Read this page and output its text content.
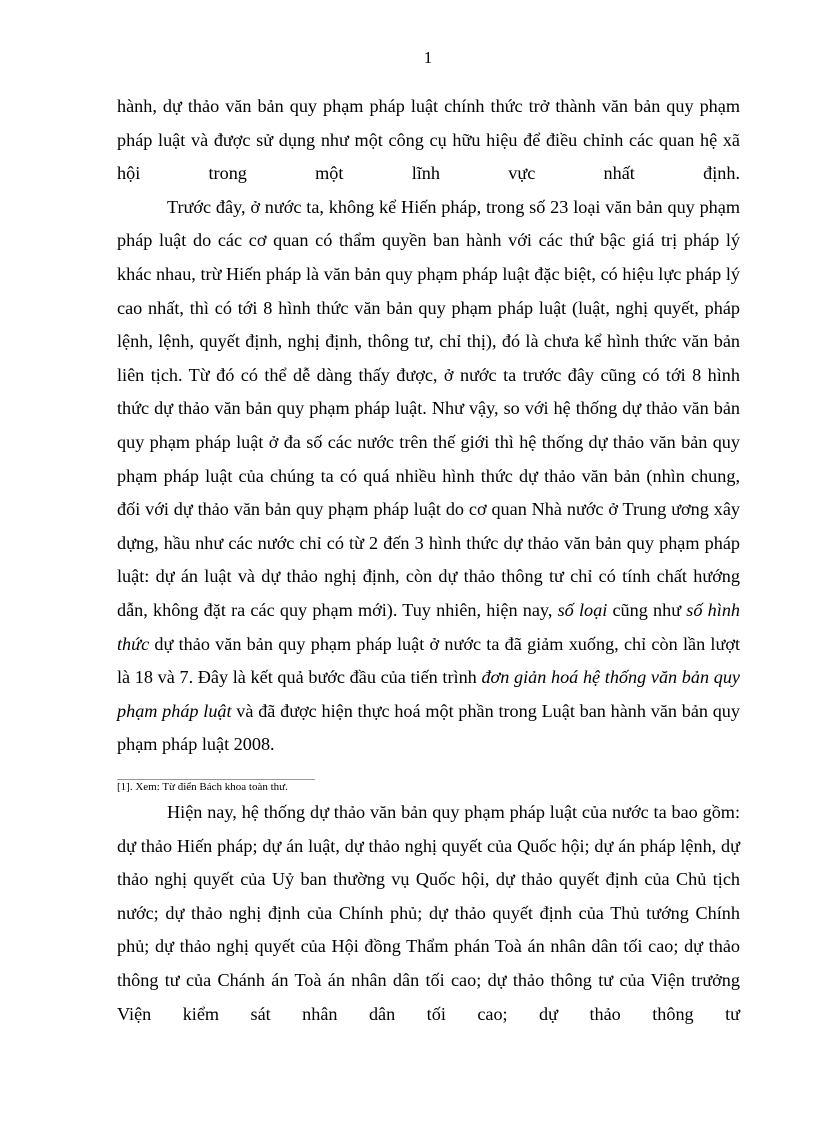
1

hành, dự thảo văn bản quy phạm pháp luật chính thức trở thành văn bản quy phạm pháp luật và được sử dụng như một công cụ hữu hiệu để điều chỉnh các quan hệ xã hội trong một lĩnh vực nhất định.

Trước đây, ở nước ta, không kể Hiến pháp, trong số 23 loại văn bản quy phạm pháp luật do các cơ quan có thẩm quyền ban hành với các thứ bậc giá trị pháp lý khác nhau, trừ Hiến pháp là văn bản quy phạm pháp luật đặc biệt, có hiệu lực pháp lý cao nhất, thì có tới 8 hình thức văn bản quy phạm pháp luật (luật, nghị quyết, pháp lệnh, lệnh, quyết định, nghị định, thông tư, chỉ thị), đó là chưa kể hình thức văn bản liên tịch. Từ đó có thể dễ dàng thấy được, ở nước ta trước đây cũng có tới 8 hình thức dự thảo văn bản quy phạm pháp luật. Như vậy, so với hệ thống dự thảo văn bản quy phạm pháp luật ở đa số các nước trên thế giới thì hệ thống dự thảo văn bản quy phạm pháp luật của chúng ta có quá nhiều hình thức dự thảo văn bản (nhìn chung, đối với dự thảo văn bản quy phạm pháp luật do cơ quan Nhà nước ở Trung ương xây dựng, hầu như các nước chỉ có từ 2 đến 3 hình thức dự thảo văn bản quy phạm pháp luật: dự án luật và dự thảo nghị định, còn dự thảo thông tư chỉ có tính chất hướng dẫn, không đặt ra các quy phạm mới). Tuy nhiên, hiện nay, số loại cũng như số hình thức dự thảo văn bản quy phạm pháp luật ở nước ta đã giảm xuống, chỉ còn lần lượt là 18 và 7. Đây là kết quả bước đầu của tiến trình đơn giản hoá hệ thống văn bản quy phạm pháp luật và đã được hiện thực hoá một phần trong Luật ban hành văn bản quy phạm pháp luật 2008.

[1]. Xem: Từ điển Bách khoa toàn thư.

Hiện nay, hệ thống dự thảo văn bản quy phạm pháp luật của nước ta bao gồm: dự thảo Hiến pháp; dự án luật, dự thảo nghị quyết của Quốc hội; dự án pháp lệnh, dự thảo nghị quyết của Uỷ ban thường vụ Quốc hội, dự thảo quyết định của Chủ tịch nước; dự thảo nghị định của Chính phủ; dự thảo quyết định của Thủ tướng Chính phủ; dự thảo nghị quyết của Hội đồng Thẩm phán Toà án nhân dân tối cao; dự thảo thông tư của Chánh án Toà án nhân dân tối cao; dự thảo thông tư của Viện trưởng Viện kiểm sát nhân dân tối cao; dự thảo thông tư
